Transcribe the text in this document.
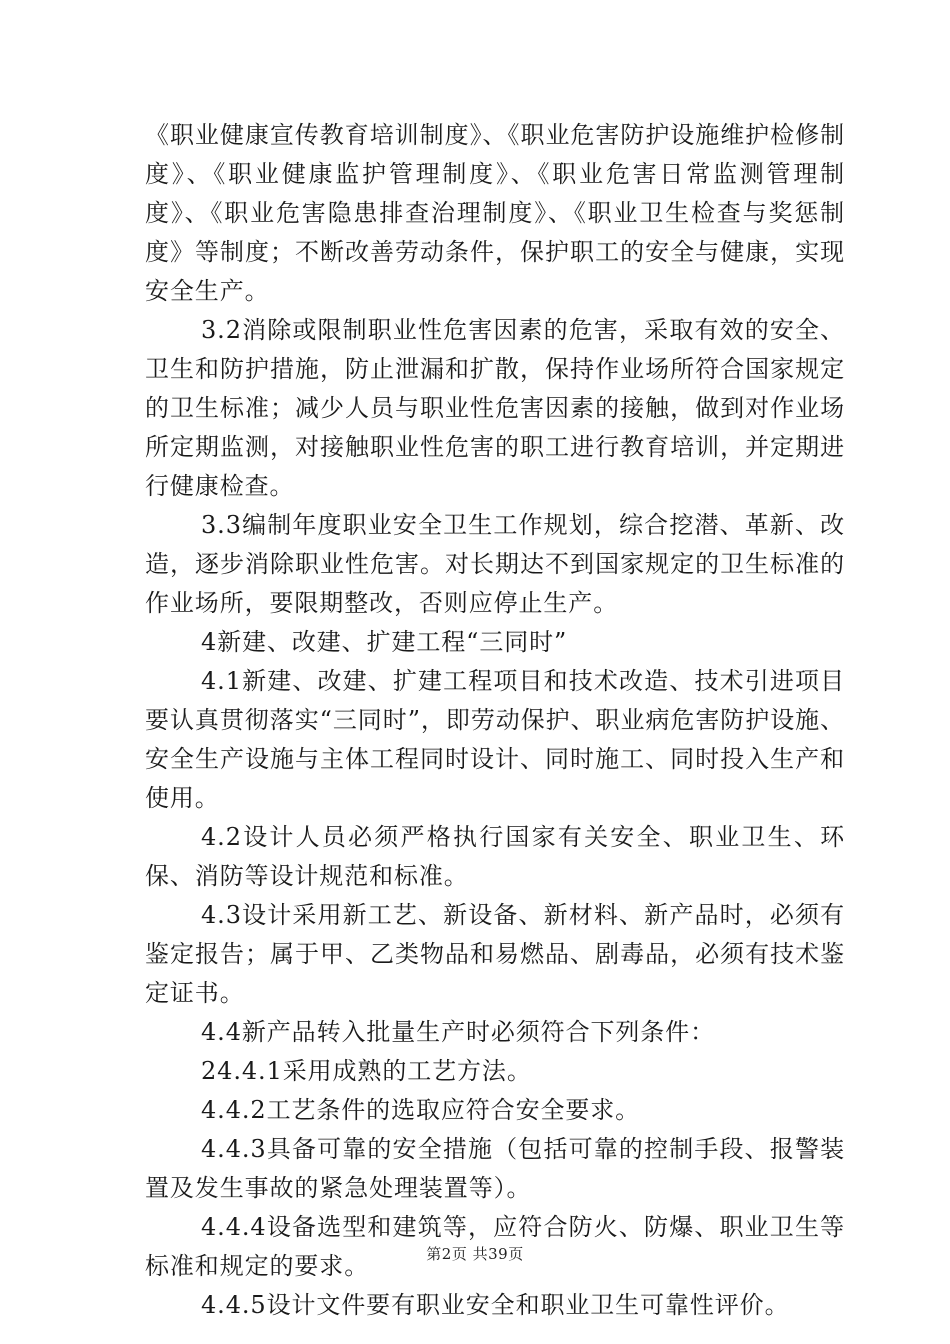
《职业健康宣传教育培训制度》、《职业危害防护设施维护检修制度》、《职业健康监护管理制度》、《职业危害日常监测管理制度》、《职业危害隐患排查治理制度》、《职业卫生检查与奖惩制度》等制度；不断改善劳动条件，保护职工的安全与健康，实现安全生产。

3.2消除或限制职业性危害因素的危害，采取有效的安全、卫生和防护措施，防止泄漏和扩散，保持作业场所符合国家规定的卫生标准；减少人员与职业性危害因素的接触，做到对作业场所定期监测，对接触职业性危害的职工进行教育培训，并定期进行健康检查。

3.3编制年度职业安全卫生工作规划，综合挖潜、革新、改造，逐步消除职业性危害。对长期达不到国家规定的卫生标准的作业场所，要限期整改，否则应停止生产。

4新建、改建、扩建工程“三同时”

4.1新建、改建、扩建工程项目和技术改造、技术引进项目要认真贯彻落实“三同时”，即劳动保护、职业病危害防护设施、安全生产设施与主体工程同时设计、同时施工、同时投入生产和使用。

4.2设计人员必须严格执行国家有关安全、职业卫生、环保、消防等设计规范和标准。

4.3设计采用新工艺、新设备、新材料、新产品时，必须有鉴定报告；属于甲、乙类物品和易燃品、剧毒品，必须有技术鉴定证书。

4.4新产品转入批量生产时必须符合下列条件：

24.4.1采用成熟的工艺方法。

4.4.2工艺条件的选取应符合安全要求。

4.4.3具备可靠的安全措施（包括可靠的控制手段、报警装置及发生事故的紧急处理装置等）。

4.4.4设备选型和建筑等，应符合防火、防爆、职业卫生等标准和规定的要求。

4.4.5设计文件要有职业安全和职业卫生可靠性评价。

第2页 共39页
